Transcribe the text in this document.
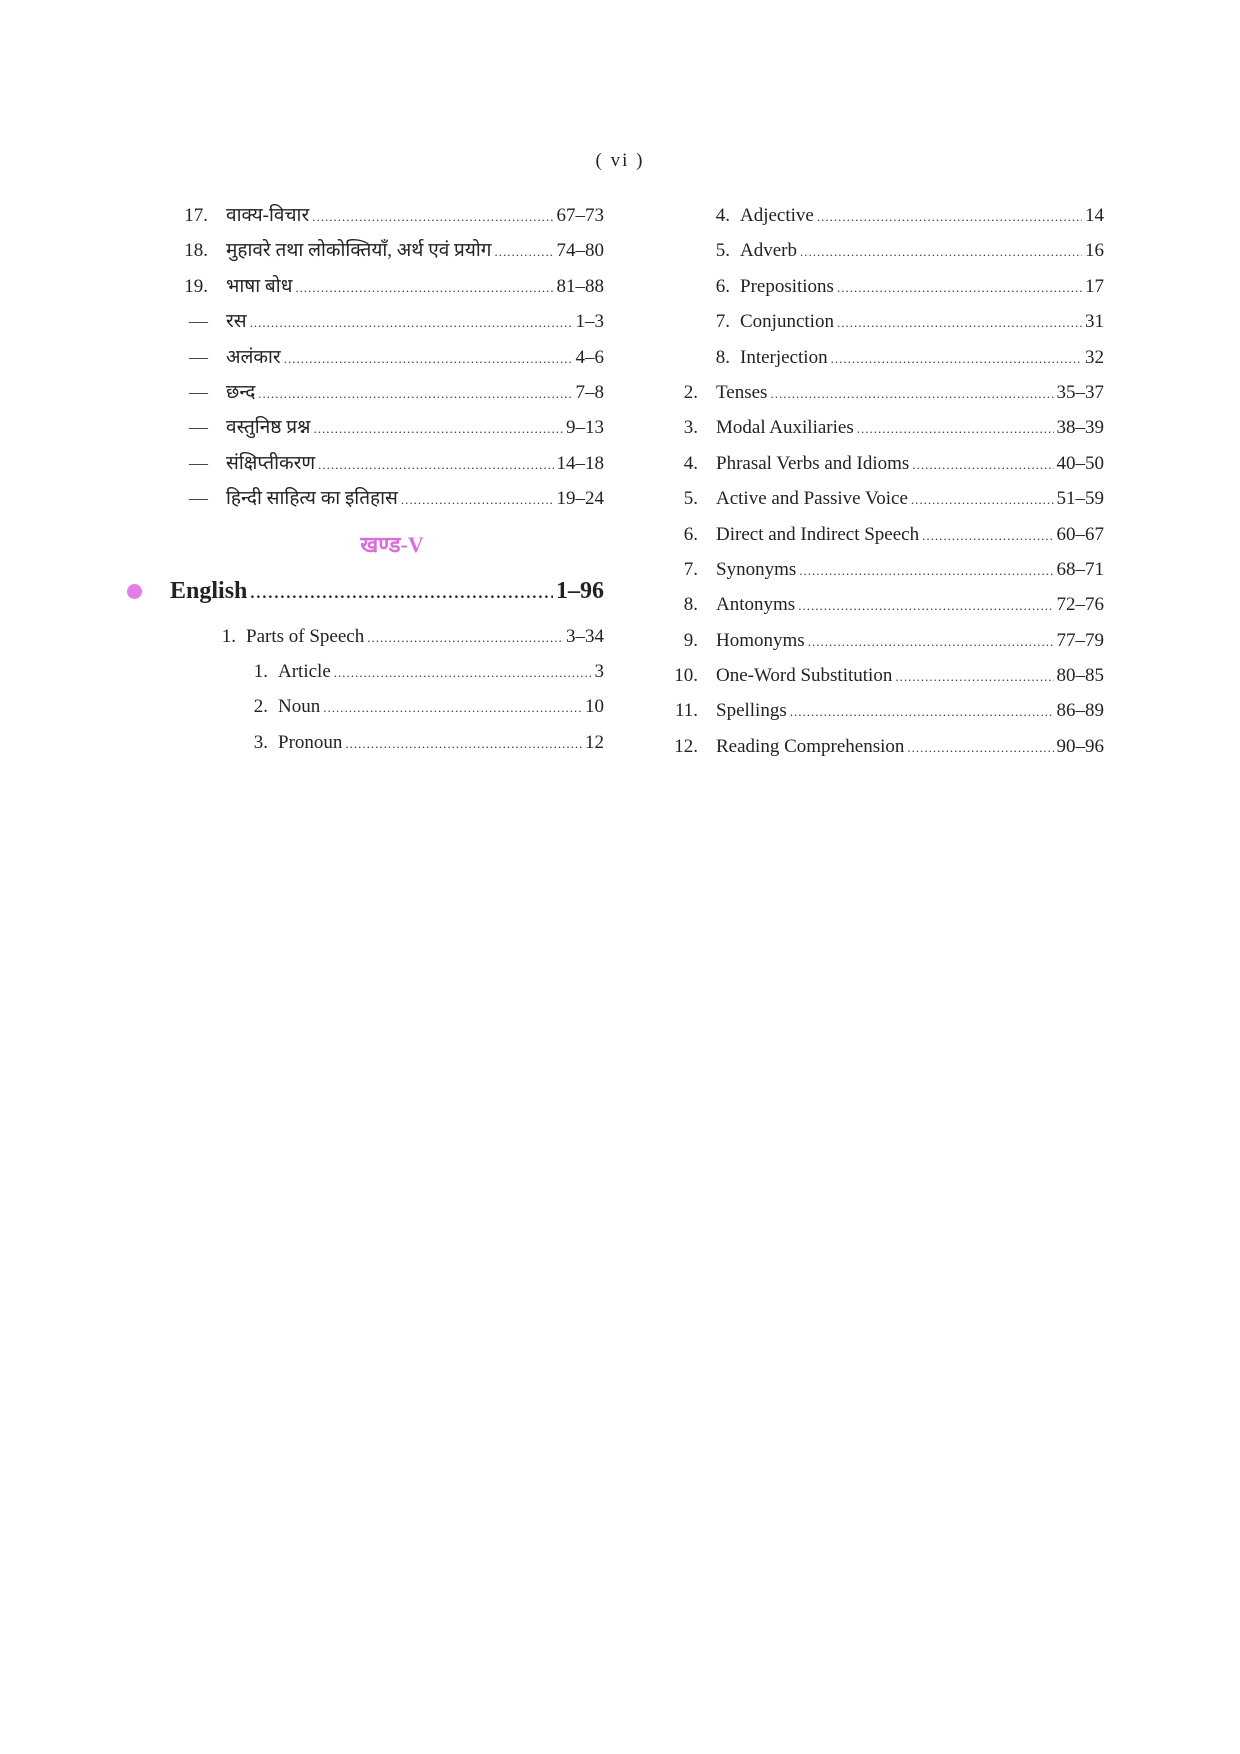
( vi )
17. वाक्य-विचार .....	67–73
18. मुहावरे तथा लोकोक्तियाँ, अर्थ एवं प्रयोग .....	74–80
19. भाषा बोध .....	81–88
— रस .....	1–3
— अलंकार .....	4–6
— छन्द .....	7–8
— वस्तुनिष्ठ प्रश्न .....	9–13
— संक्षिप्तीकरण .....	14–18
— हिन्दी साहित्य का इतिहास .....	19–24
खण्ड-V
English .....	1–96
1. Parts of Speech .....	3–34
1. Article .....	3
2. Noun .....	10
3. Pronoun .....	12
4. Adjective .....	14
5. Adverb .....	16
6. Prepositions .....	17
7. Conjunction .....	31
8. Interjection .....	32
2. Tenses .....	35–37
3. Modal Auxiliaries .....	38–39
4. Phrasal Verbs and Idioms .....	40–50
5. Active and Passive Voice .....	51–59
6. Direct and Indirect Speech .....	60–67
7. Synonyms .....	68–71
8. Antonyms .....	72–76
9. Homonyms .....	77–79
10. One-Word Substitution .....	80–85
11. Spellings .....	86–89
12. Reading Comprehension .....	90–96
